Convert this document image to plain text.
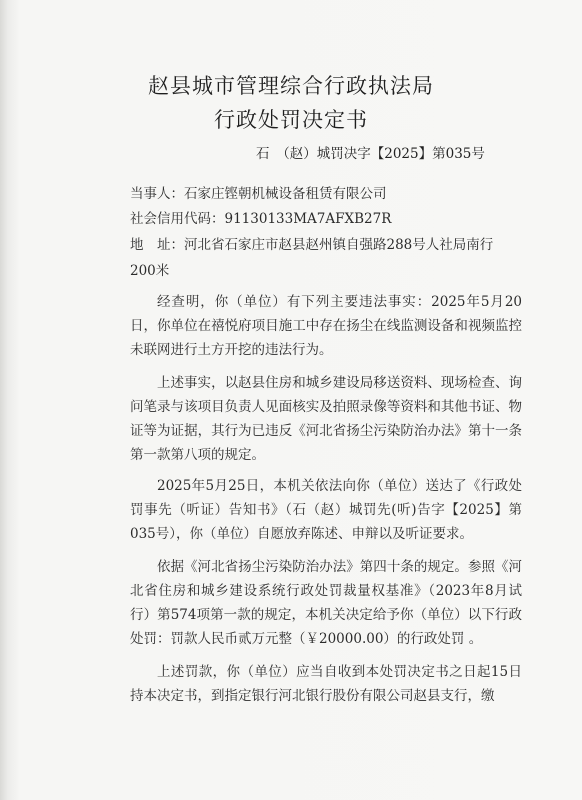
赵县城市管理综合行政执法局
行政处罚决定书
石　（赵）城罚决字【2025】第035号
当事人：石家庄铿朝机械设备租赁有限公司
社会信用代码：91130133MA7AFXB27R
地　址：河北省石家庄市赵县赵州镇自强路288号人社局南行
200米
经查明，你（单位）有下列主要违法事实：2025年5月20日，你单位在禧悦府项目施工中存在扬尘在线监测设备和视频监控未联网进行土方开挖的违法行为。
上述事实，以赵县住房和城乡建设局移送资料、现场检查、询问笔录与该项目负责人见面核实及拍照录像等资料和其他书证、物证等为证据，其行为已违反《河北省扬尘污染防治办法》第十一条第一款第八项的规定。
2025年5月25日，本机关依法向你（单位）送达了《行政处罚事先（听证）告知书》（石（赵）城罚先(听)告字【2025】第035号），你（单位）自愿放弃陈述、申辩以及听证要求。
依据《河北省扬尘污染防治办法》第四十条的规定。参照《河北省住房和城乡建设系统行政处罚裁量权基准》（2023年8月试行）第574项第一款的规定，本机关决定给予你（单位）以下行政处罚：罚款人民币贰万元整（￥20000.00）的行政处罚 。
上述罚款，你（单位）应当自收到本处罚决定书之日起15日持本决定书，到指定银行河北银行股份有限公司赵县支行，缴
